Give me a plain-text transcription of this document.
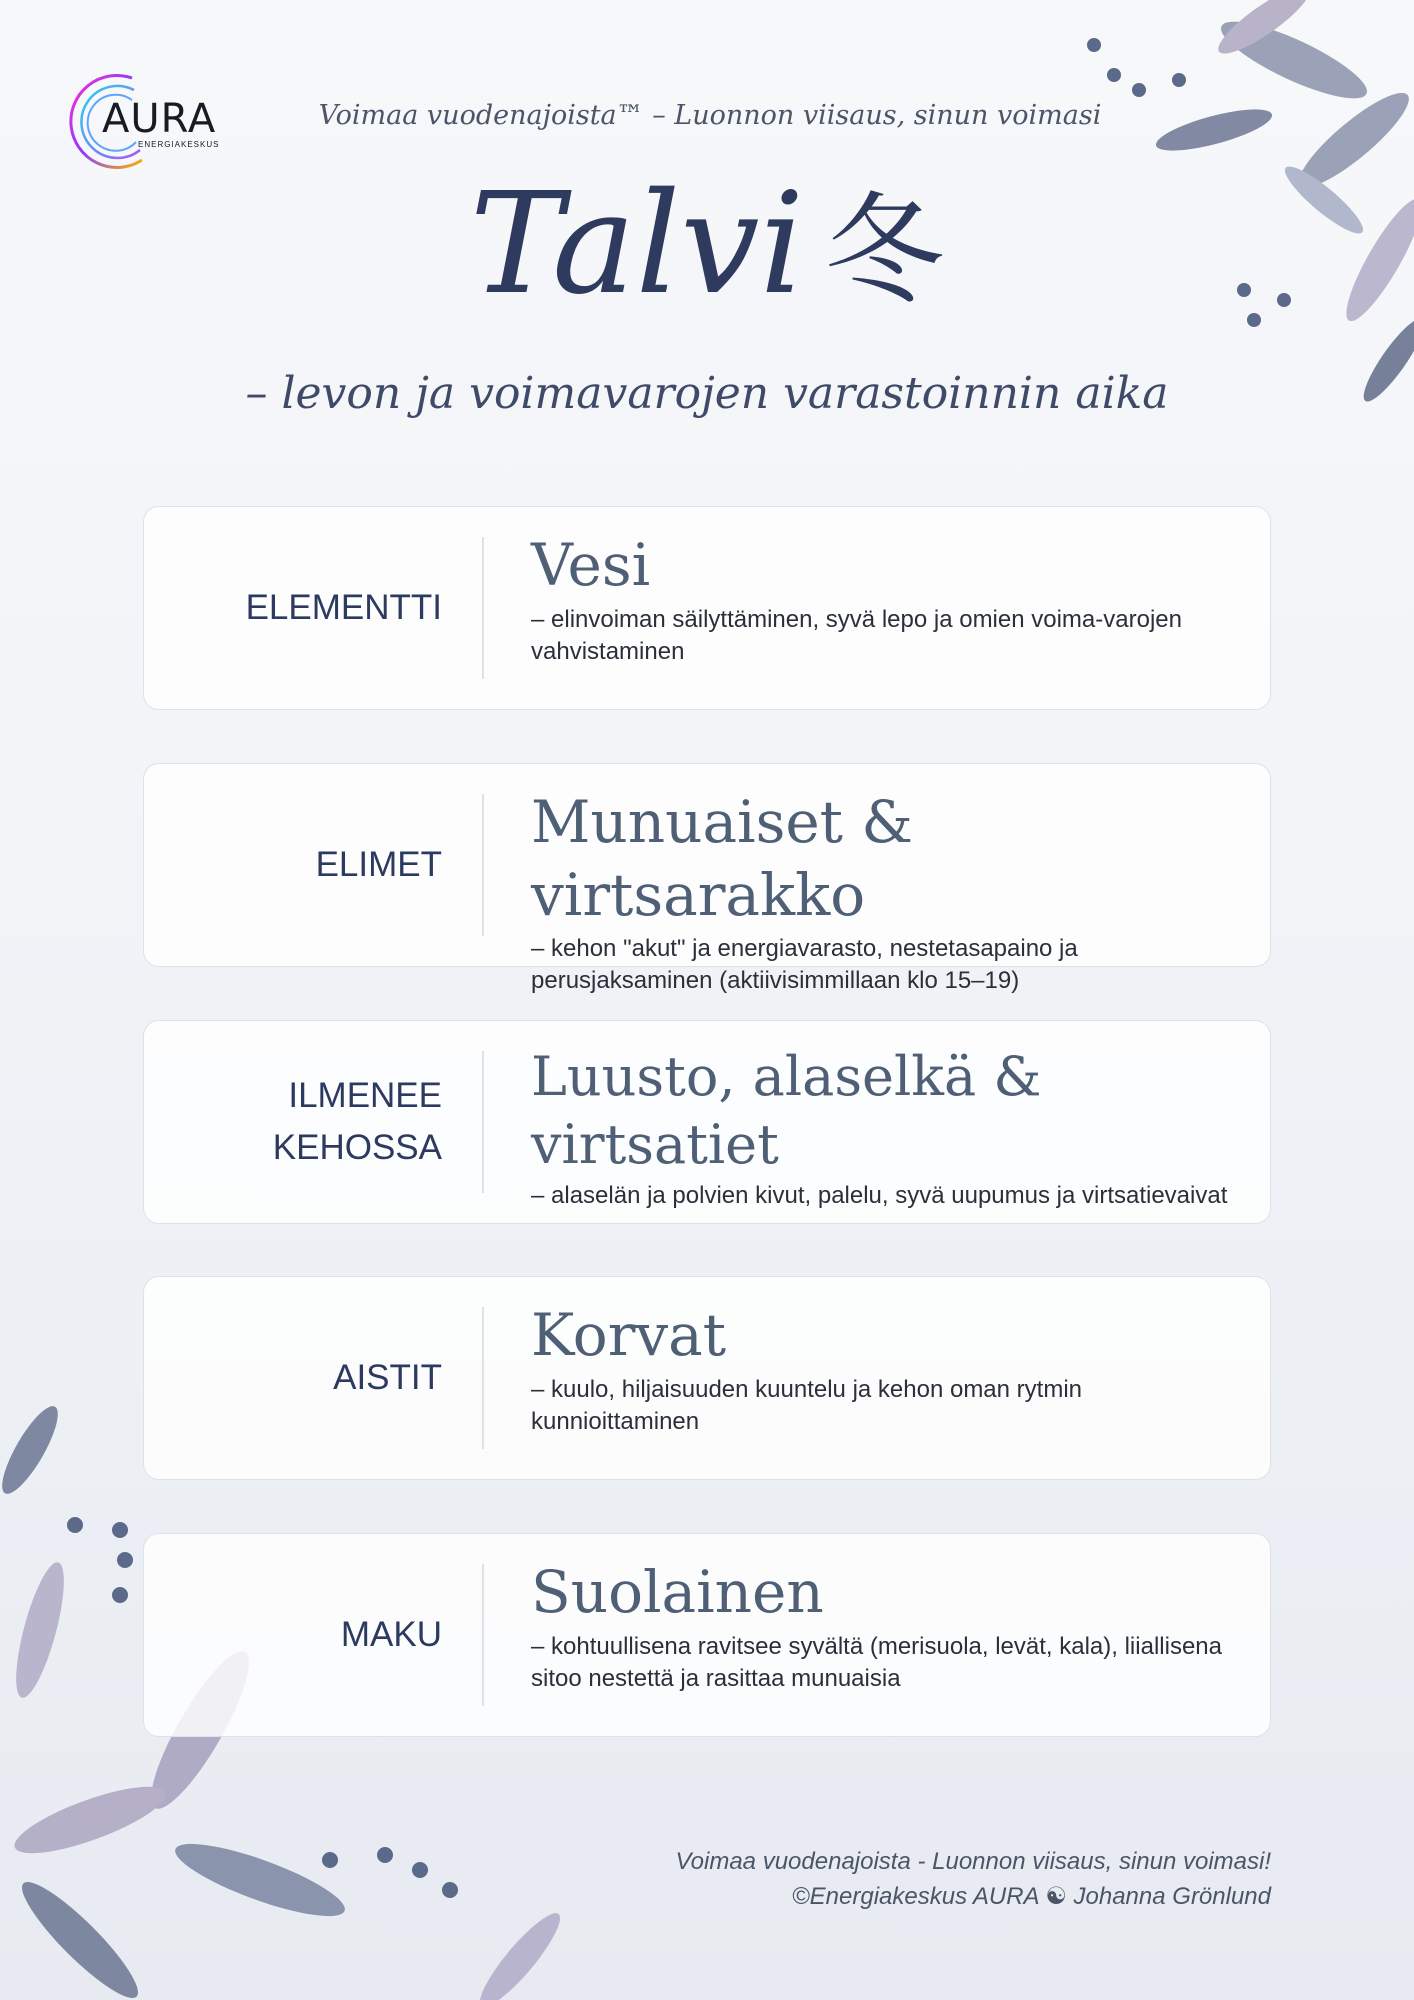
AURA
ENERGIAKESKUS
Voimaa vuodenajoista™ – Luonnon viisaus, sinun voimasi
Talvi 冬
– levon ja voimavarojen varastoinnin aika
ELEMENTTI
Vesi
– elinvoiman säilyttäminen, syvä lepo ja omien voima-varojen vahvistaminen
ELIMET
Munuaiset & virtsarakko
– kehon "akut" ja energiavarasto, nestetasapaino ja perusjaksaminen (aktiivisimmillaan klo 15–19)
ILMENEE KEHOSSA
Luusto, alaselkä & virtsatiet
– alaselän ja polvien kivut, palelu, syvä uupumus ja virtsatievaivat
AISTIT
Korvat
– kuulo, hiljaisuuden kuuntelu ja kehon oman rytmin kunnioittaminen
MAKU
Suolainen
– kohtuullisena ravitsee syvältä (merisuola, levät, kala), liiallisena sitoo nestettä ja rasittaa munuaisia
Voimaa vuodenajoista - Luonnon viisaus, sinun voimasi!
©Energiakeskus AURA ☯ Johanna Grönlund
